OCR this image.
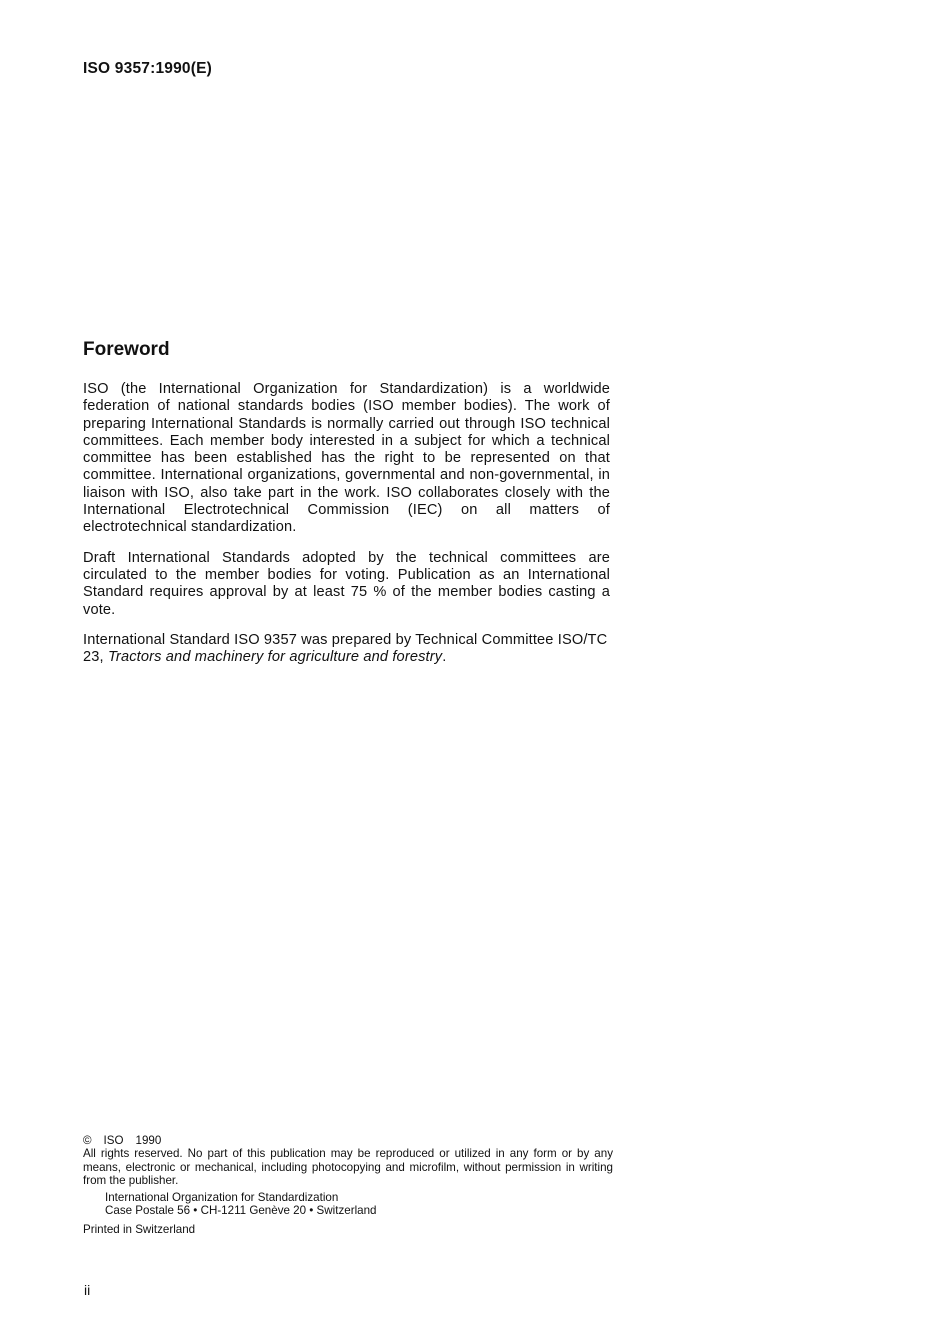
ISO 9357:1990(E)
Foreword

ISO (the International Organization for Standardization) is a worldwide federation of national standards bodies (ISO member bodies). The work of preparing International Standards is normally carried out through ISO technical committees. Each member body interested in a subject for which a technical committee has been established has the right to be represented on that committee. International organizations, governmental and non-governmental, in liaison with ISO, also take part in the work. ISO collaborates closely with the International Electrotechnical Commission (IEC) on all matters of electrotechnical standardization.

Draft International Standards adopted by the technical committees are circulated to the member bodies for voting. Publication as an International Standard requires approval by at least 75 % of the member bodies casting a vote.

International Standard ISO 9357 was prepared by Technical Committee ISO/TC 23, Tractors and machinery for agriculture and forestry.

© ISO 1990

All rights reserved. No part of this publication may be reproduced or utilized in any form or by any means, electronic or mechanical, including photocopying and microfilm, without permission in writing from the publisher.

International Organization for Standardization

Case Postale 56 • CH-1211 Genève 20 • Switzerland

Printed in Switzerland

ii
